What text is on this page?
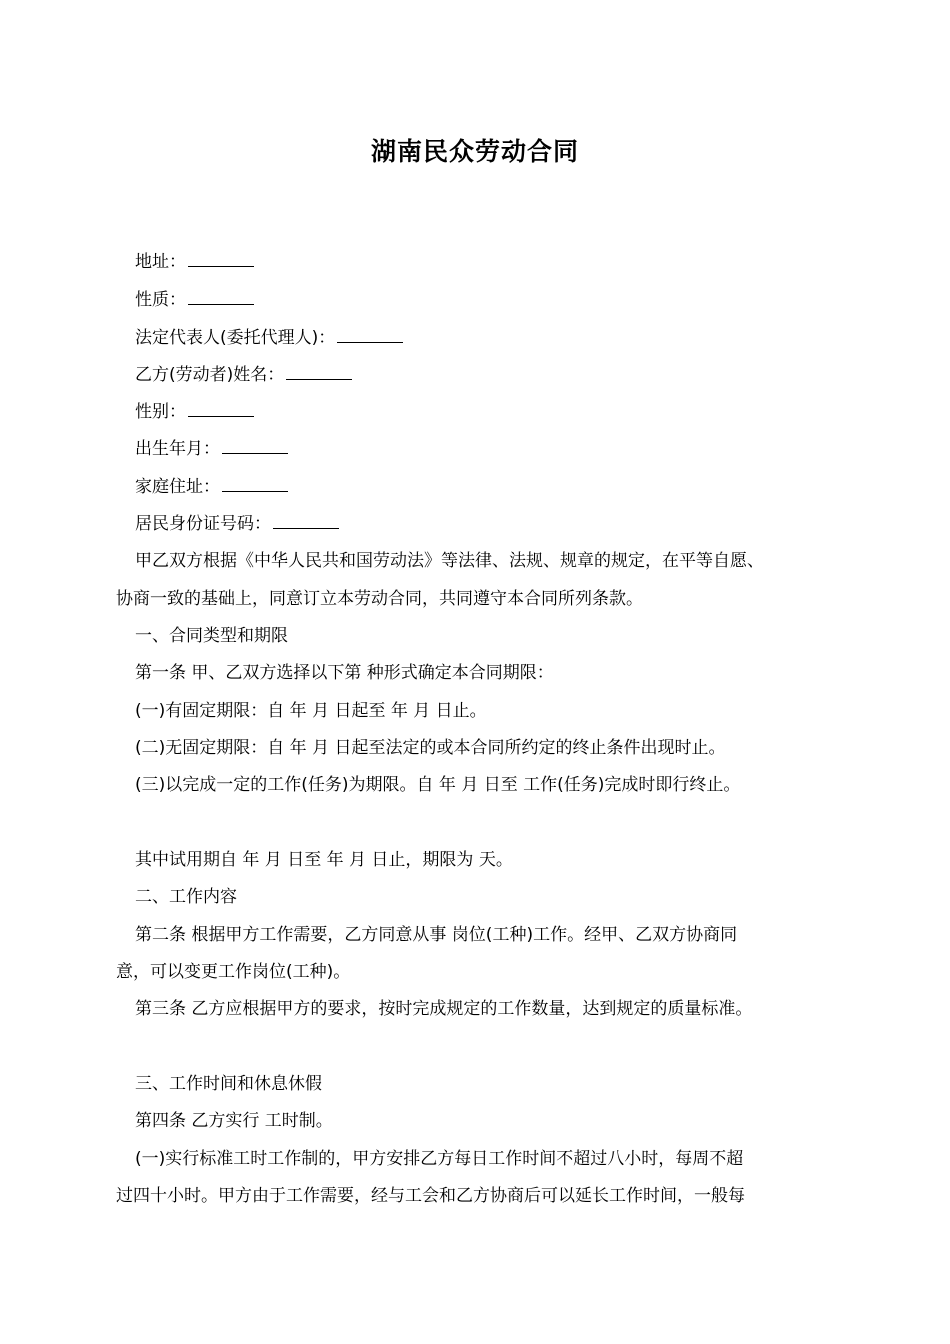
湖南民众劳动合同
地址：
性质：
法定代表人(委托代理人)：
乙方(劳动者)姓名：
性别：
出生年月：
家庭住址：
居民身份证号码：
甲乙双方根据《中华人民共和国劳动法》等法律、法规、规章的规定，在平等自愿、
协商一致的基础上，同意订立本劳动合同，共同遵守本合同所列条款。
一、合同类型和期限
第一条 甲、乙双方选择以下第 种形式确定本合同期限：
(一)有固定期限：自 年 月 日起至 年 月 日止。
(二)无固定期限：自 年 月 日起至法定的或本合同所约定的终止条件出现时止。
(三)以完成一定的工作(任务)为期限。自 年 月 日至 工作(任务)完成时即行终止。
其中试用期自 年 月 日至 年 月 日止，期限为 天。
二、工作内容
第二条 根据甲方工作需要，乙方同意从事 岗位(工种)工作。经甲、乙双方协商同
意，可以变更工作岗位(工种)。
第三条 乙方应根据甲方的要求，按时完成规定的工作数量，达到规定的质量标准。
三、工作时间和休息休假
第四条 乙方实行 工时制。
(一)实行标准工时工作制的，甲方安排乙方每日工作时间不超过八小时，每周不超
过四十小时。甲方由于工作需要，经与工会和乙方协商后可以延长工作时间，一般每
